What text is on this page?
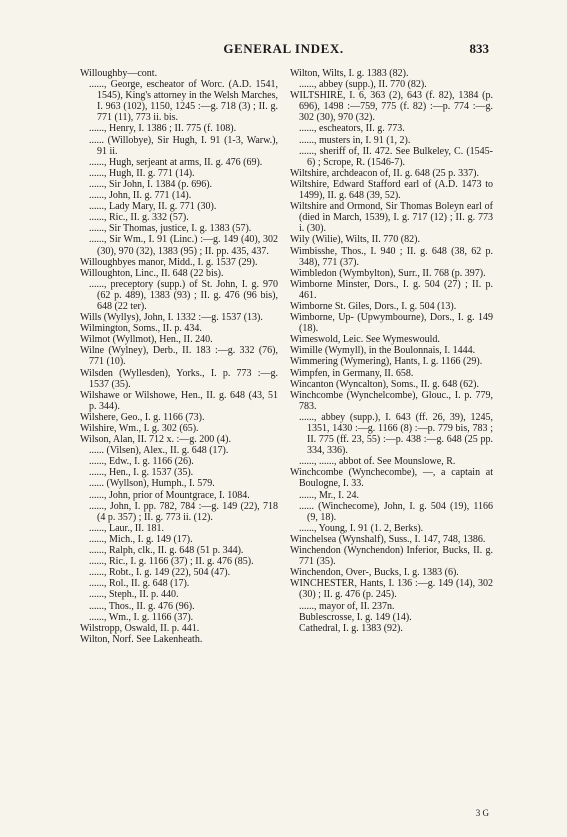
GENERAL INDEX.	833

Willoughby—cont.

......, George, escheator of Worc. (A.D. 1541, 1545), King's attorney in the Welsh Marches, I. 963 (102), 1150, 1245 :—g. 718 (3) ; II. g. 771 (11), 773 ii. bis.

......, Henry, I. 1386 ; II. 775 (f. 108).

...... (Willobye), Sir Hugh, I. 91 (1-3, Warw.), 91 ii.

......, Hugh, serjeant at arms, II. g. 476 (69).

......, Hugh, II. g. 771 (14).

......, Sir John, I. 1384 (p. 696).

......, John, II. g. 771 (14).

......, Lady Mary, II. g. 771 (30).

......, Ric., II. g. 332 (57).

......, Sir Thomas, justice, I. g. 1383 (57).

......, Sir Wm., I. 91 (Linc.) :—g. 149 (40), 302 (30), 970 (32), 1383 (95) ; II. pp. 435, 437.

Willoughbyes manor, Midd., I. g. 1537 (29).

Willoughton, Linc., II. 648 (22 bis).

......, preceptory (supp.) of St. John, I. g. 970 (62 p. 489), 1383 (93) ; II. g. 476 (96 bis), 648 (22 ter).

Wills (Wyllys), John, I. 1332 :—g. 1537 (13).

Wilmington, Soms., II. p. 434.

Wilmot (Wyllmot), Hen., II. 240.

Wilne (Wylney), Derb., II. 183 :—g. 332 (76), 771 (10).

Wilsden (Wyllesden), Yorks., I. p. 773 :—g. 1537 (35).

Wilshawe or Wilshowe, Hen., II. g. 648 (43, 51 p. 344).

Wilshere, Geo., I. g. 1166 (73).

Wilshire, Wm., I. g. 302 (65).

Wilson, Alan, II. 712 x. :—g. 200 (4).

...... (Vilsen), Alex., II. g. 648 (17).

......, Edw., I. g. 1166 (26).

......, Hen., I. g. 1537 (35).

...... (Wyllson), Humph., I. 579.

......, John, prior of Mountgrace, I. 1084.

......, John, I. pp. 782, 784 :—g. 149 (22), 718 (4 p. 357) ; II. g. 773 ii. (12).

......, Laur., II. 181.

......, Mich., I. g. 149 (17).

......, Ralph, clk., II. g. 648 (51 p. 344).

......, Ric., I. g. 1166 (37) ; II. g. 476 (85).

......, Robt., I. g. 149 (22), 504 (47).

......, Rol., II. g. 648 (17).

......, Steph., II. p. 440.

......, Thos., II. g. 476 (96).

......, Wm., I. g. 1166 (37).

Wilstropp, Oswald, II. p. 441.

Wilton, Norf. See Lakenheath.

Wilton, Wilts, I. g. 1383 (82).

......, abbey (supp.), II. 770 (82).

WILTSHIRE, I. 6, 363 (2), 643 (f. 82), 1384 (p. 696), 1498 :—759, 775 (f. 82) :—p. 774 :—g. 302 (30), 970 (32).

......, escheators, II. g. 773.

......, musters in, I. 91 (1, 2).

......, sheriff of, II. 472. See Bulkeley, C. (1545-6) ; Scrope, R. (1546-7).

Wiltshire, archdeacon of, II. g. 648 (25 p. 337).

Wiltshire, Edward Stafford earl of (A.D. 1473 to 1499), II. g. 648 (39, 52).

Wiltshire and Ormond, Sir Thomas Boleyn earl of (died in March, 1539), I. g. 717 (12) ; II. g. 773 i. (30).

Wily (Wilie), Wilts, II. 770 (82).

Wimbisshe, Thos., I. 940 ; II. g. 648 (38, 62 p. 348), 771 (37).

Wimbledon (Wymbylton), Surr., II. 768 (p. 397).

Wimborne Minster, Dors., I. g. 504 (27) ; II. p. 461.

Wimborne St. Giles, Dors., I. g. 504 (13).

Wimborne, Up- (Upwymbourne), Dors., I. g. 149 (18).

Wimeswold, Leic. See Wymeswould.

Wimille (Wymyll), in the Boulonnais, I. 1444.

Wimmering (Wymering), Hants, I. g. 1166 (29).

Wimpfen, in Germany, II. 658.

Wincanton (Wyncalton), Soms., II. g. 648 (62).

Winchcombe (Wynchelcombe), Glouc., I. p. 779, 783.

......, abbey (supp.), I. 643 (ff. 26, 39), 1245, 1351, 1430 :—g. 1166 (8) :—p. 779 bis, 783 ; II. 775 (ff. 23, 55) :—p. 438 :—g. 648 (25 pp. 334, 336).

......, ......, abbot of. See Mounslowe, R.

Winchcombe (Wynchecombe), —, a captain at Boulogne, I. 33.

......, Mr., I. 24.

...... (Winchecome), John, I. g. 504 (19), 1166 (9, 18).

......, Young, I. 91 (1. 2, Berks).

Winchelsea (Wynshalf), Suss., I. 147, 748, 1386.

Winchendon (Wynchendon) Inferior, Bucks, II. g. 771 (35).

Winchendon, Over-, Bucks, I. g. 1383 (6).

WINCHESTER, Hants, I. 136 :—g. 149 (14), 302 (30) ; II. g. 476 (p. 245).

......, mayor of, II. 237n.

Bublescrosse, I. g. 149 (14).

Cathedral, I. g. 1383 (92).

3 G
